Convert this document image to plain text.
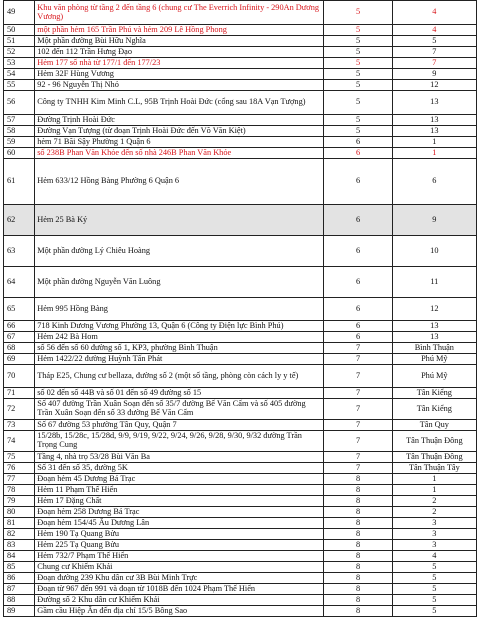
49	Khu văn phòng từ tầng 2 đến tầng 6 (chung cư The Everrich Infinity - 290An Dương Vương)	5	4
50	một phần hẻm 165 Trần Phú và hẻm 209 Lê Hồng Phong	5	4
51	Một phần đường Bùi Hữu Nghĩa	5	5
52	102 đến 112 Trần Hưng Đạo	5	7
53	Hẻm 177 số nhà từ 177/1 đến 177/23	5	7
54	Hẻm 32F Hùng Vương	5	9
55	92 - 96 Nguyễn Thị Nhỏ	5	12
56	Công ty TNHH Kim Minh C.L, 95B Trịnh Hoài Đức (cổng sau 18A Vạn Tượng)	5	13
57	Đường Trịnh Hoài Đức	5	13
58	Đường Vạn Tượng (từ đoạn Trịnh Hoài Đức đến Võ Văn Kiệt)	5	13
59	hẻm 71 Bãi Sậy Phường 1 Quận 6	6	1
60	số 238B Phan Văn Khỏe đến số nhà 246B Phan Văn Khỏe	6	1
61	Hẻm 633/12 Hồng Bàng Phường 6 Quận 6	6	6
62	Hẻm 25 Bà Ký	6	9
63	Một phần đường Lý Chiêu Hoàng	6	10
64	Một phần đường Nguyễn Văn Luông	6	11
65	Hẻm 995 Hồng Bàng	6	12
66	718 Kinh Dương Vương Phường 13, Quận 6 (Công ty Điện lực Bình Phú)	6	13
67	Hẻm 242 Bà Hom	6	13
68	số 56 đến số 60 đường số 1, KP3, phường Bình Thuận	7	Bình Thuận
69	Hẻm 1422/22 đường Huỳnh Tấn Phát	7	Phú Mỹ
70	Tháp E25, Chung cư bellaza, đường số 2 (một số tầng, phòng còn cách ly y tế)	7	Phú Mỹ
71	số 02 đến số 44B và số 01 đến số 49 đường số 15	7	Tân Kiểng
72	Số 407 đường Trần Xuân Soạn đến số 35/7 đường Bế Văn Cấm và số 405 đường Trần Xuân Soạn đến số 33 đường Bế Văn Cấm	7	Tân Kiểng
73	Số 67 đường 53 phường Tân Quy, Quận 7	7	Tân Quy
74	15/28b, 15/28c, 15/28d, 9/9, 9/19, 9/22, 9/24, 9/26, 9/28, 9/30, 9/32 đường Trần Trọng Cung	7	Tân Thuận Đông
75	Tầng 4, nhà trọ 53/28 Bùi Văn Ba	7	Tân Thuận Đông
76	Số 31 đến số 35, đường 5K	7	Tân Thuận Tây
77	Đoạn hẻm 45 Dương Bá Trạc	8	1
78	Hẻm 11 Phạm Thế Hiển	8	1
79	Hẻm 17 Đặng Chất	8	2
80	Đoạn hẻm 258 Dương Bá Trạc	8	2
81	Đoạn hẻm 154/45 Âu Dương Lân	8	3
82	Hẻm 190 Tạ Quang Bửu	8	3
83	Hẻm 225 Tạ Quang Bửu	8	3
84	Hẻm 732/7 Phạm Thế Hiển	8	4
85	Chung cư Khiếm Khải	8	5
86	Đoạn đường 239 Khu dân cư 3B Bùi Minh Trực	8	5
87	Đoạn từ 967 đến 991 và đoạn từ 1018B đến 1024 Phạm Thế Hiển	8	5
88	Đường số 2 Khu dân cư Khiếm Khải	8	5
89	Gầm cầu Hiệp Ân đến địa chỉ 15/5 Bông Sao	8	5
